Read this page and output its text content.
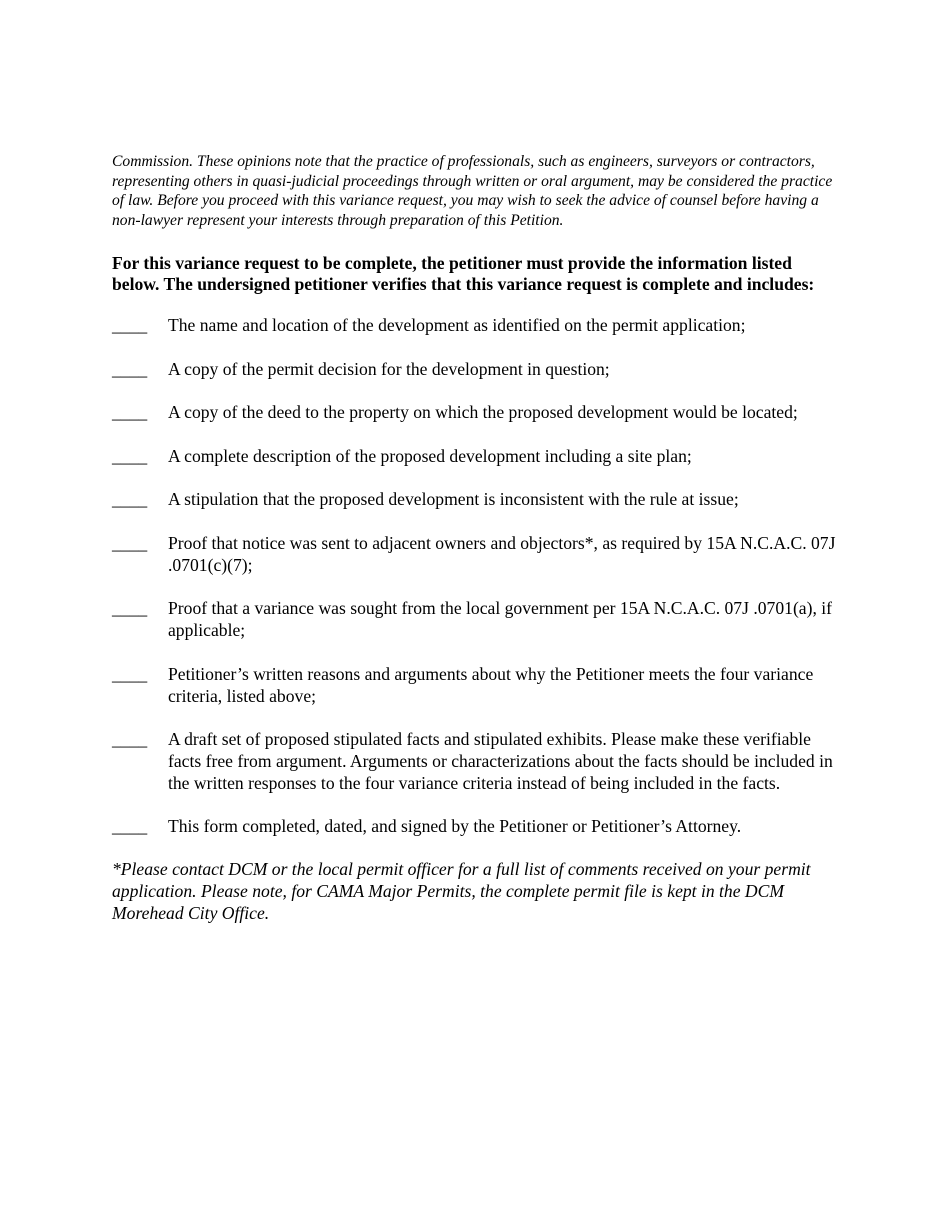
Commission. These opinions note that the practice of professionals, such as engineers, surveyors or contractors, representing others in quasi-judicial proceedings through written or oral argument, may be considered the practice of law. Before you proceed with this variance request, you may wish to seek the advice of counsel before having a non-lawyer represent your interests through preparation of this Petition.

For this variance request to be complete, the petitioner must provide the information listed below. The undersigned petitioner verifies that this variance request is complete and includes:

____	The name and location of the development as identified on the permit application;
____	A copy of the permit decision for the development in question;
____	A copy of the deed to the property on which the proposed development would be located;
____	A complete description of the proposed development including a site plan;
____	A stipulation that the proposed development is inconsistent with the rule at issue;
____	Proof that notice was sent to adjacent owners and objectors*, as required by 15A N.C.A.C. 07J .0701(c)(7);
____	Proof that a variance was sought from the local government per 15A N.C.A.C. 07J .0701(a), if applicable;
____	Petitioner’s written reasons and arguments about why the Petitioner meets the four variance criteria, listed above;
____	A draft set of proposed stipulated facts and stipulated exhibits. Please make these verifiable facts free from argument. Arguments or characterizations about the facts should be included in the written responses to the four variance criteria instead of being included in the facts.
____	This form completed, dated, and signed by the Petitioner or Petitioner’s Attorney.

*Please contact DCM or the local permit officer for a full list of comments received on your permit application. Please note, for CAMA Major Permits, the complete permit file is kept in the DCM Morehead City Office.
